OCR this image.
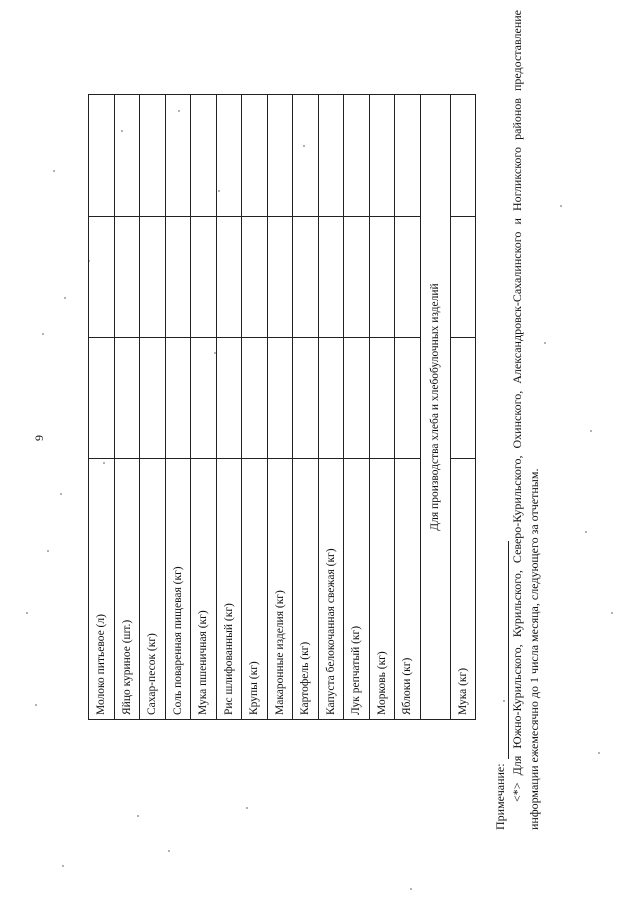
9
Молоко питьевое (л)			
Яйцо куриное (шт.)			
Сахар-песок (кг)			
Соль поваренная пищевая (кг)			
Мука пшеничная (кг)			
Рис шлифованный (кг)			
Крупы (кг)			
Макаронные изделия (кг)			
Картофель (кг)			
Капуста белокочанная свежая (кг)			
Лук репчатый (кг)			
Морковь (кг)			
Яблоки (кг)			
Для производства хлеба и хлебобулочных изделий			
Мука (кг)			
Примечание: <*> Для Южно-Курильского, Курильского, Северо-Курильского, Охинского, Александровск-Сахалинского и Ногликского районов предоставление информации ежемесячно до 1 числа месяца, следующего за отчетным.
